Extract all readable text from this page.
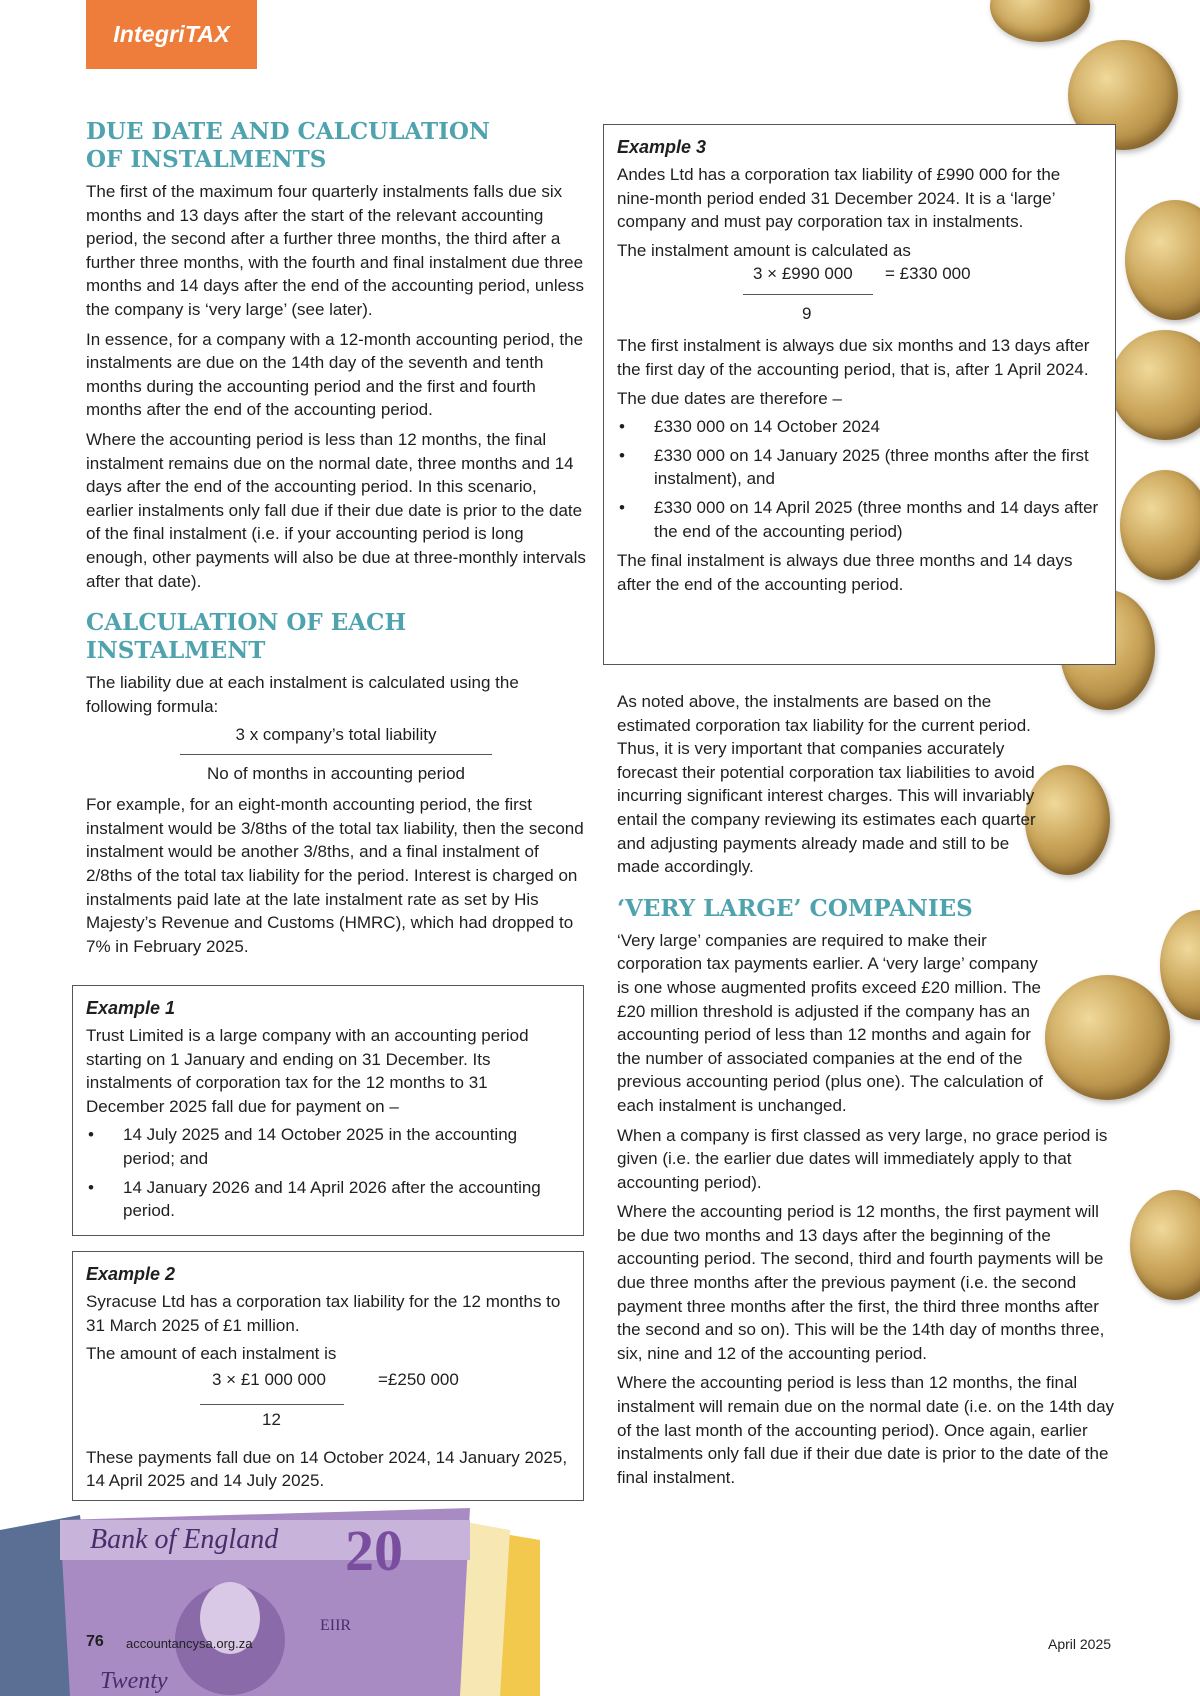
IntegriTAX
DUE DATE AND CALCULATION
OF INSTALMENTS

The first of the maximum four quarterly instalments falls due six months and 13 days after the start of the relevant accounting period, the second after a further three months, the third after a further three months, with the fourth and final instalment due three months and 14 days after the end of the accounting period, unless the company is ‘very large’ (see later).

In essence, for a company with a 12-month accounting period, the instalments are due on the 14th day of the seventh and tenth months during the accounting period and the first and fourth months after the end of the accounting period.

Where the accounting period is less than 12 months, the final instalment remains due on the normal date, three months and 14 days after the end of the accounting period. In this scenario, earlier instalments only fall due if their due date is prior to the date of the final instalment (i.e. if your accounting period is long enough, other payments will also be due at three-monthly intervals after that date).

CALCULATION OF EACH INSTALMENT

The liability due at each instalment is calculated using the following formula:

3 x company’s total liability
No of months in accounting period

For example, for an eight-month accounting period, the first instalment would be 3/8ths of the total tax liability, then the second instalment would be another 3/8ths, and a final instalment of 2/8ths of the total tax liability for the period. Interest is charged on instalments paid late at the late instalment rate as set by His Majesty’s Revenue and Customs (HMRC), which had dropped to 7% in February 2025.

Example 1

Trust Limited is a large company with an accounting period starting on 1 January and ending on 31 December. Its instalments of corporation tax for the 12 months to 31 December 2025 fall due for payment on –

• 14 July 2025 and 14 October 2025 in the accounting period; and
• 14 January 2026 and 14 April 2026 after the accounting period.
Example 2

Syracuse Ltd has a corporation tax liability for the 12 months to 31 March 2025 of £1 million.

The amount of each instalment is

3 × £1 000 000	=£250 000
12

These payments fall due on 14 October 2024, 14 January 2025, 14 April 2025 and 14 July 2025.

Example 3

Andes Ltd has a corporation tax liability of £990 000 for the nine-month period ended 31 December 2024. It is a ‘large’ company and must pay corporation tax in instalments.

The instalment amount is calculated as

3 × £990 000 = £330 000
9

The first instalment is always due six months and 13 days after the first day of the accounting period, that is, after 1 April 2024.

The due dates are therefore –

• £330 000 on 14 October 2024
• £330 000 on 14 January 2025 (three months after the first instalment), and
• £330 000 on 14 April 2025 (three months and 14 days after the end of the accounting period)

The final instalment is always due three months and 14 days after the end of the accounting period.

As noted above, the instalments are based on the estimated corporation tax liability for the current period. Thus, it is very important that companies accurately forecast their potential corporation tax liabilities to avoid incurring significant interest charges. This will invariably entail the company reviewing its estimates each quarter and adjusting payments already made and still to be made accordingly.

‘VERY LARGE’ COMPANIES

‘Very large’ companies are required to make their corporation tax payments earlier. A ‘very large’ company is one whose augmented profits exceed £20 million. The £20 million threshold is adjusted if the company has an accounting period of less than 12 months and again for the number of associated companies at the end of the previous accounting period (plus one). The calculation of each instalment is unchanged.

When a company is first classed as very large, no grace period is given (i.e. the earlier due dates will immediately apply to that accounting period).

Where the accounting period is 12 months, the first payment will be due two months and 13 days after the beginning of the accounting period. The second, third and fourth payments will be due three months after the previous payment (i.e. the second payment three months after the first, the third three months after the second and so on). This will be the 14th day of months three, six, nine and 12 of the accounting period.

Where the accounting period is less than 12 months, the final instalment will remain due on the normal date (i.e. on the 14th day of the last month of the accounting period). Once again, earlier instalments only fall due if their due date is prior to the date of the final instalment.

Bank of England 20
EIIR
Twenty
76 accountancysa.org.za	April 2025
